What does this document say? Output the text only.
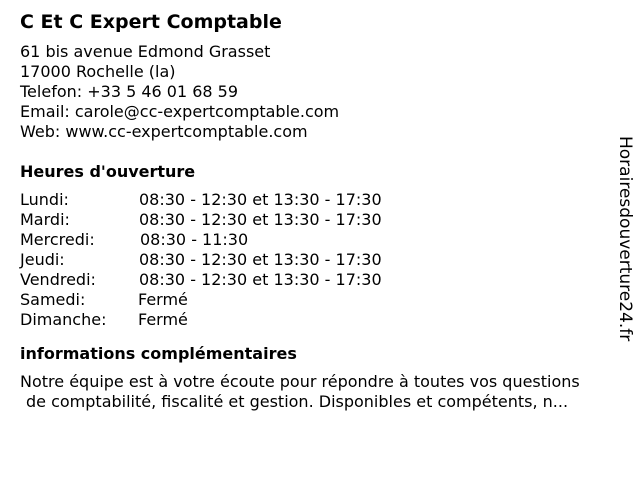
C Et C Expert Comptable
61 bis avenue Edmond Grasset
17000 Rochelle (la)
Telefon: +33 5 46 01 68 59
Email: carole@cc-expertcomptable.com
Web: www.cc-expertcomptable.com
Heures d'ouverture
Lundi:	08:30 - 12:30 et 13:30 - 17:30
Mardi:	08:30 - 12:30 et 13:30 - 17:30
Mercredi:	08:30 - 11:30
Jeudi:	08:30 - 12:30 et 13:30 - 17:30
Vendredi:	08:30 - 12:30 et 13:30 - 17:30
Samedi:	Fermé
Dimanche: Fermé
informations complémentaires
Notre équipe est à votre écoute pour répondre à toutes vos questions
de comptabilité, fiscalité et gestion. Disponibles et compétents, n...
Horairesdouverture24.fr
